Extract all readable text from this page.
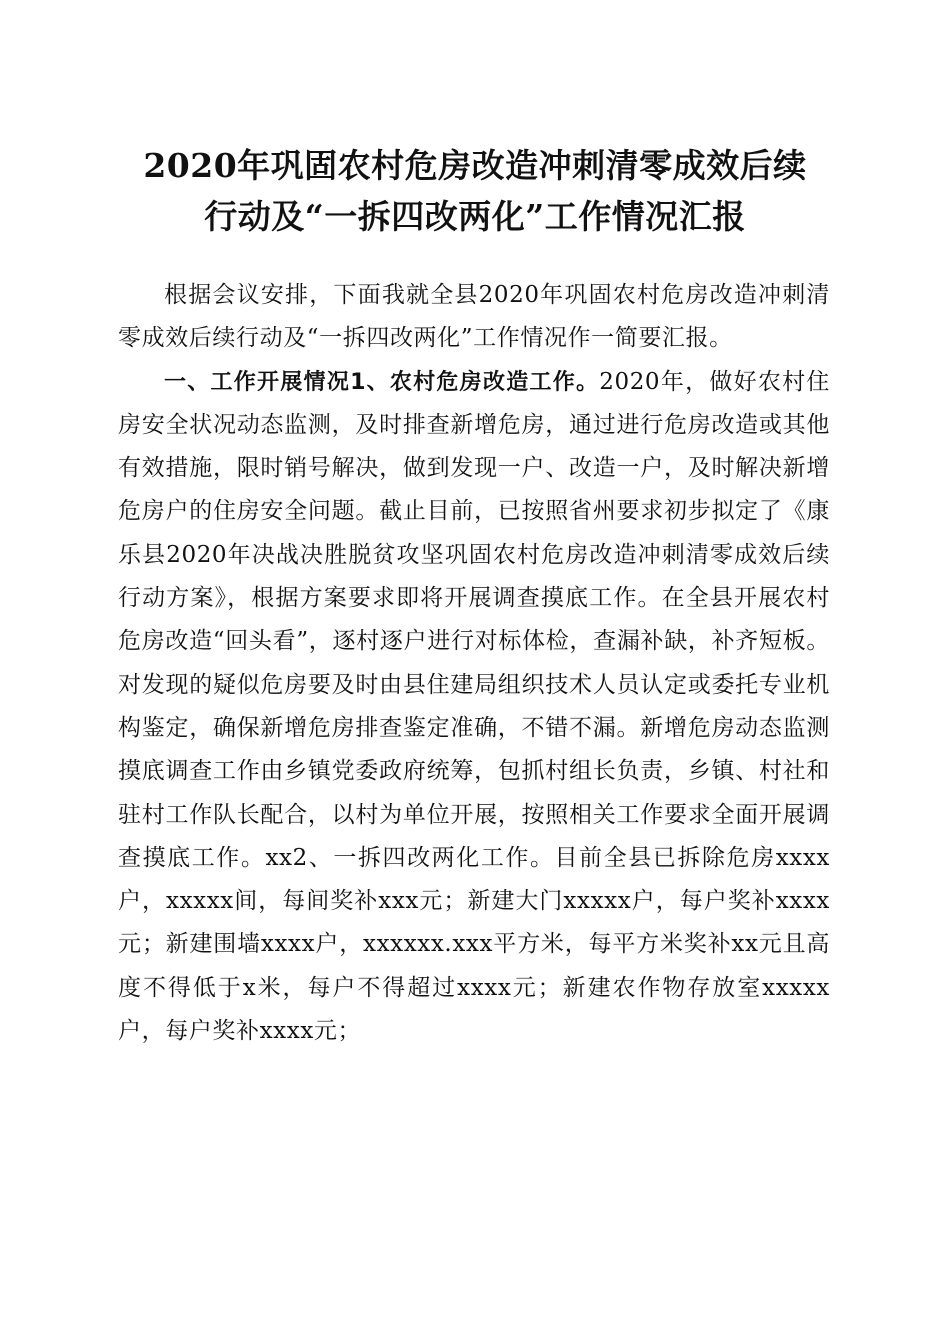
2020年巩固农村危房改造冲刺清零成效后续
行动及“一拆四改两化”工作情况汇报

根据会议安排，下面我就全县2020年巩固农村危房改造冲刺清零成效后续行动及“一拆四改两化”工作情况作一简要汇报。

一、工作开展情况1、农村危房改造工作。2020年，做好农村住房安全状况动态监测，及时排查新增危房，通过进行危房改造或其他有效措施，限时销号解决，做到发现一户、改造一户，及时解决新增危房户的住房安全问题。截止目前，已按照省州要求初步拟定了《康乐县2020年决战决胜脱贫攻坚巩固农村危房改造冲刺清零成效后续行动方案》，根据方案要求即将开展调查摸底工作。在全县开展农村危房改造“回头看”，逐村逐户进行对标体检，查漏补缺，补齐短板。对发现的疑似危房要及时由县住建局组织技术人员认定或委托专业机构鉴定，确保新增危房排查鉴定准确，不错不漏。新增危房动态监测摸底调查工作由乡镇党委政府统筹，包抓村组长负责，乡镇、村社和驻村工作队长配合，以村为单位开展，按照相关工作要求全面开展调查摸底工作。xx2、一拆四改两化工作。目前全县已拆除危房xxxx户，xxxxx间，每间奖补xxx元；新建大门xxxxx户，每户奖补xxxx元；新建围墙xxxx户，xxxxxx.xxx平方米，每平方米奖补xx元且高度不得低于x米，每户不得超过xxxx元；新建农作物存放室xxxxx户，每户奖补xxxx元；
